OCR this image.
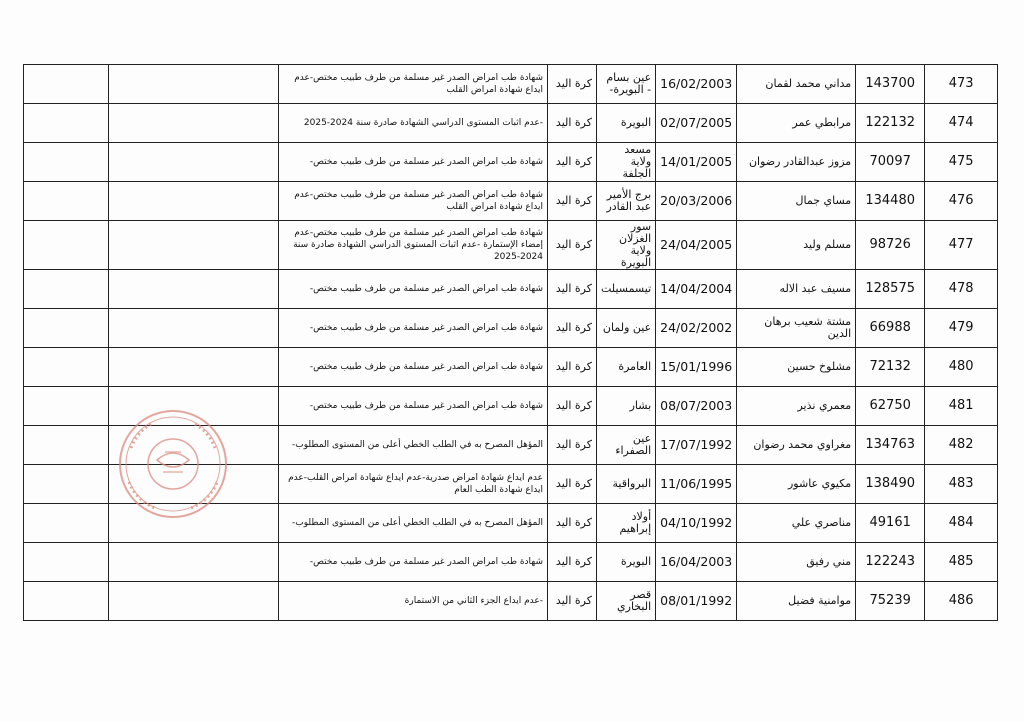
473	143700	مداني محمد لقمان	16/02/2003	عين بسام - البويرة-	كرة اليد	شهادة طب امراض الصدر غير مسلمة من طرف طبيب مختص-عدم ايداع شهادة امراض القلب		
474	122132	مرابطي عمر	02/07/2005	البويرة	كرة اليد	-عدم اثبات المستوى الدراسي الشهادة صادرة سنة 2024-2025		
475	70097	مزوز عبدالقادر رضوان	14/01/2005	مسعد ولاية الجلفة	كرة اليد	شهادة طب امراض الصدر غير مسلمة من طرف طبيب مختص-		
476	134480	مساي جمال	20/03/2006	برج الأمير عبد القادر	كرة اليد	شهادة طب امراض الصدر غير مسلمة من طرف طبيب مختص-عدم ايداع شهادة امراض القلب		
477	98726	مسلم وليد	24/04/2005	سور الغزلان ولاية البويرة	كرة اليد	شهادة طب امراض الصدر غير مسلمة من طرف طبيب مختص-عدم إمضاء الإستمارة -عدم اثبات المستوى الدراسي الشهادة صادرة سنة 2024-2025		
478	128575	مسيف عبد الاله	14/04/2004	تيسمسيلت	كرة اليد	شهادة طب امراض الصدر غير مسلمة من طرف طبيب مختص-		
479	66988	مشتة شعيب برهان الدين	24/02/2002	عين ولمان	كرة اليد	شهادة طب امراض الصدر غير مسلمة من طرف طبيب مختص-		
480	72132	مشلوخ حسين	15/01/1996	العامرة	كرة اليد	شهادة طب امراض الصدر غير مسلمة من طرف طبيب مختص-		
481	62750	معمري نذير	08/07/2003	بشار	كرة اليد	شهادة طب امراض الصدر غير مسلمة من طرف طبيب مختص-		
482	134763	مغراوي محمد رضوان	17/07/1992	عين الصفراء	كرة اليد	المؤهل المصرح به في الطلب الخطي أعلى من المستوى المطلوب-		
483	138490	مكيوي عاشور	11/06/1995	البرواقية	كرة اليد	عدم ايداع شهادة امراض صدرية-عدم ايداع شهادة امراض القلب-عدم ايداع شهادة الطب العام		
484	49161	مناصري علي	04/10/1992	أولاد إبراهيم	كرة اليد	المؤهل المصرح به في الطلب الخطي أعلى من المستوى المطلوب-		
485	122243	مني رفيق	16/04/2003	البويرة	كرة اليد	شهادة طب امراض الصدر غير مسلمة من طرف طبيب مختص-		
486	75239	موامنية فضيل	08/01/1992	قصر البخاري	كرة اليد	-عدم ايداع الجزء الثاني من الاستمارة		
